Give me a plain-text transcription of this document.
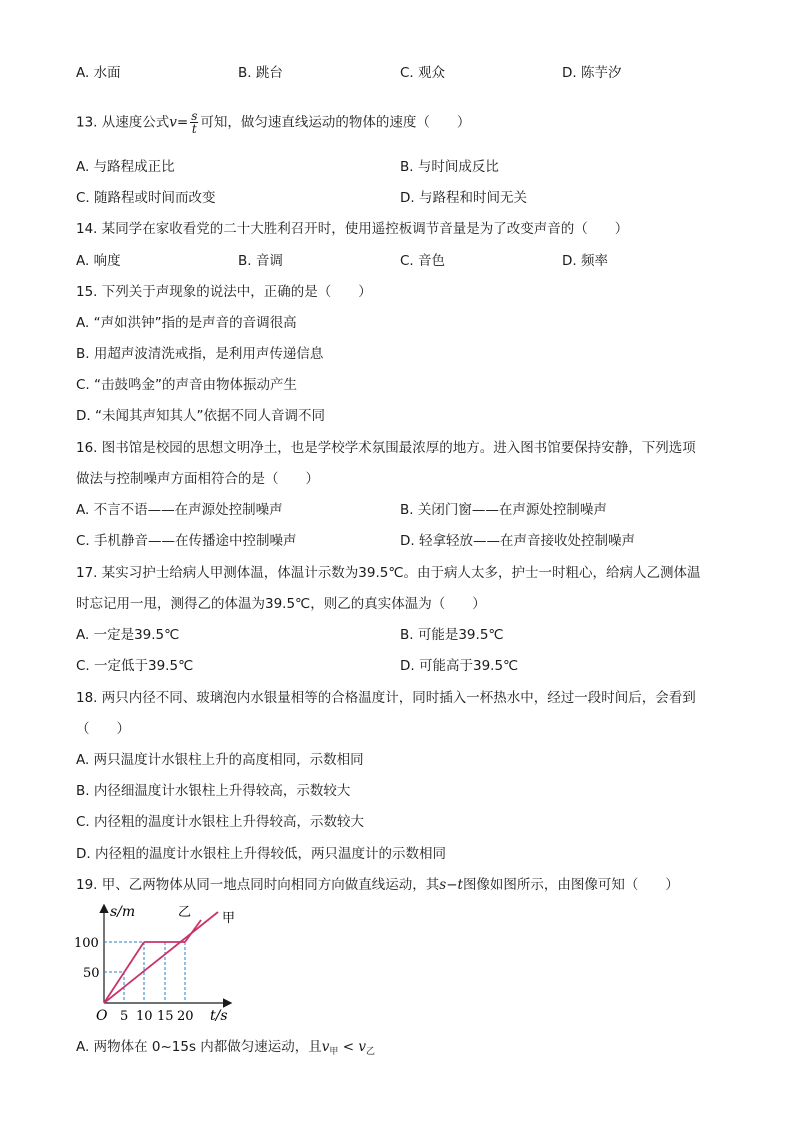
A. 水面	B. 跳台	C. 观众	D. 陈芋汐
13. 从速度公式$v= \frac{s}{t}$ 可知，做匀速直线运动的物体的速度（　　）
A. 与路程成正比	B. 与时间成反比
C. 随路程或时间而改变	D. 与路程和时间无关
14. 某同学在家收看党的二十大胜利召开时，使用遥控板调节音量是为了改变声音的（　　）
A. 响度	B. 音调	C. 音色	D. 频率
15. 下列关于声现象的说法中，正确的是（　　）
A. “声如洪钟”指的是声音的音调很高
B. 用超声波清洗戒指，是利用声传递信息
C. “击鼓鸣金”的声音由物体振动产生
D. “未闻其声知其人”依据不同人音调不同
16. 图书馆是校园的思想文明净土，也是学校学术氛围最浓厚的地方。进入图书馆要保持安静，下列选项
做法与控制噪声方面相符合的是（　　）
A. 不言不语——在声源处控制噪声	B. 关闭门窗——在声源处控制噪声
C. 手机静音——在传播途中控制噪声	D. 轻拿轻放——在声音接收处控制噪声
17. 某实习护士给病人甲测体温，体温计示数为39.5℃。由于病人太多，护士一时粗心，给病人乙测体温
时忘记用一甩，测得乙的体温为39.5℃，则乙的真实体温为（　　）
A. 一定是39.5℃	B. 可能是39.5℃
C. 一定低于39.5℃	D. 可能高于39.5℃
18. 两只内径不同、玻璃泡内水银量相等的合格温度计，同时插入一杯热水中，经过一段时间后，会看到
（　　）
A. 两只温度计水银柱上升的高度相同，示数相同
B. 内径细温度计水银柱上升得较高，示数较大
C. 内径粗的温度计水银柱上升得较高，示数较大
D. 内径粗的温度计水银柱上升得较低，两只温度计的示数相同
19. 甲、乙两物体从同一地点同时向相同方向做直线运动，其s−t图像如图所示，由图像可知（　　）
s/m
t/s
O
100
50
5 10 15 20
乙 甲
A. 两物体在 0~15s 内都做匀速运动，且$v_甲 < v_乙$
